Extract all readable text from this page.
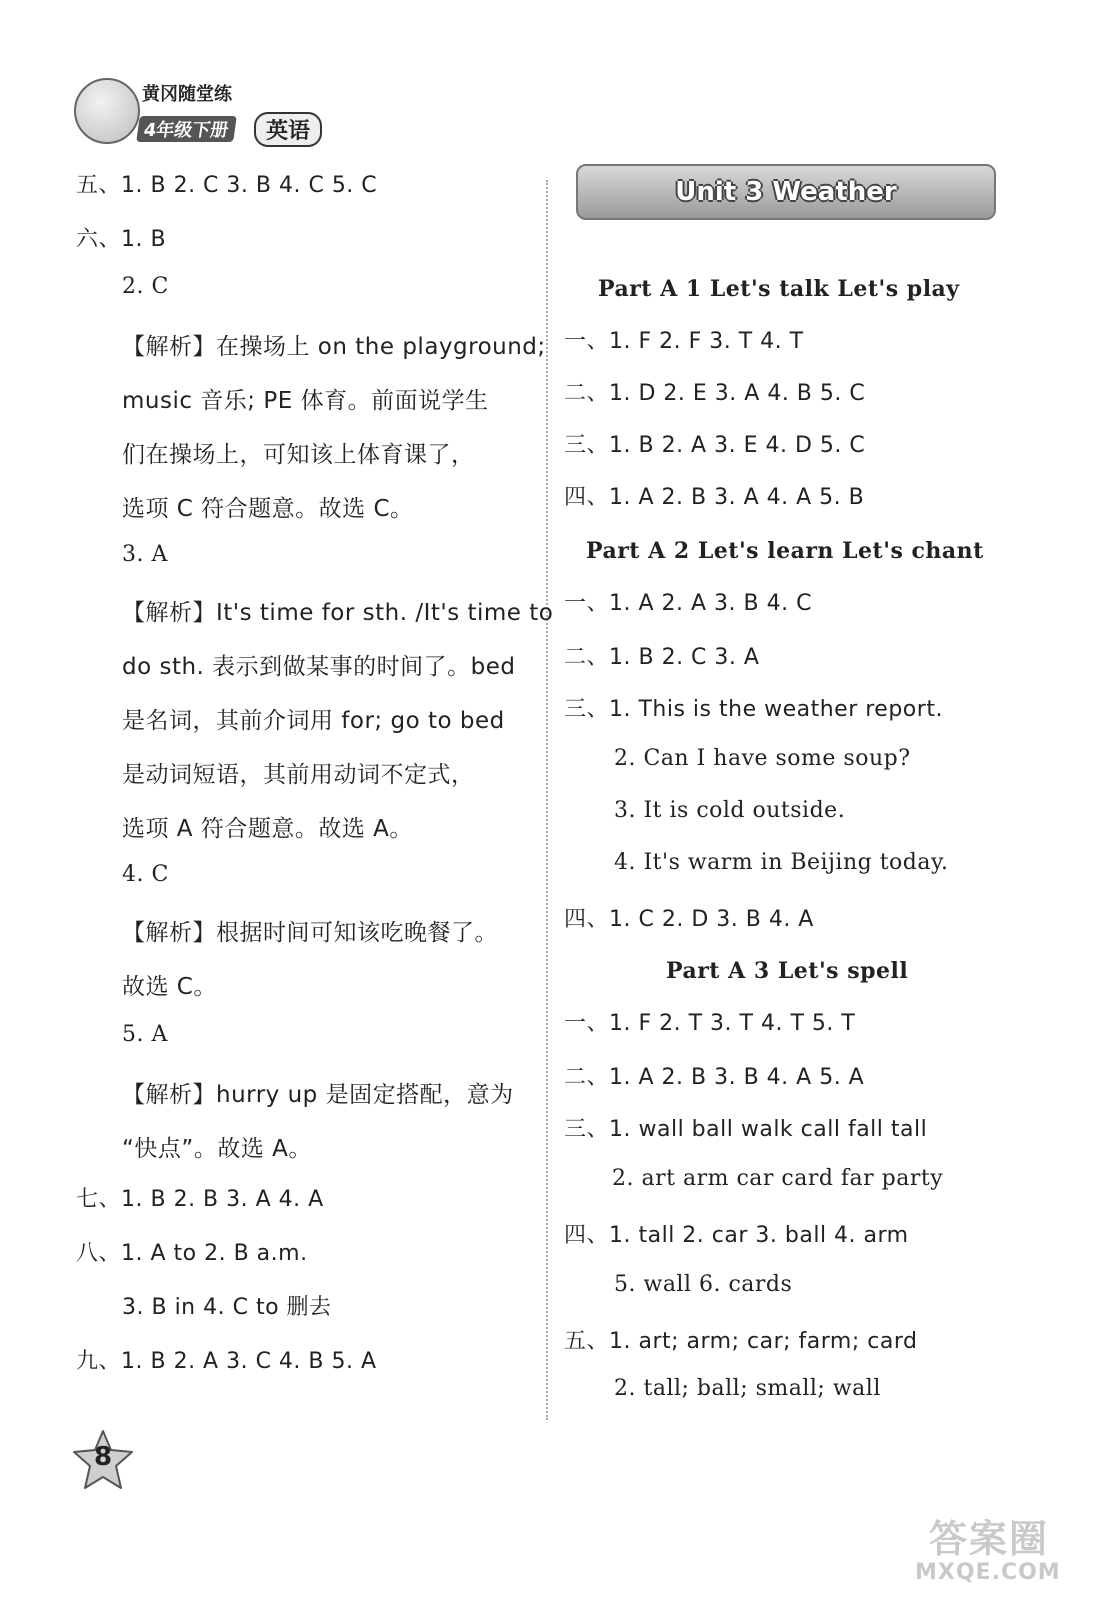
黄冈随堂练
4年级下册	英语
五、1. B 2. C 3. B 4. C 5. C
六、1. B
2. C
【解析】在操场上 on the playground;
music 音乐; PE 体育。前面说学生
们在操场上，可知该上体育课了，
选项 C 符合题意。故选 C。
3. A
【解析】It's time for sth. /It's time to
do sth. 表示到做某事的时间了。bed
是名词，其前介词用 for; go to bed
是动词短语，其前用动词不定式，
选项 A 符合题意。故选 A。
4. C
【解析】根据时间可知该吃晚餐了。
故选 C。
5. A
【解析】hurry up 是固定搭配，意为
“快点”。故选 A。
七、1. B 2. B 3. A 4. A
八、1. A to 2. B a.m.
3. B in 4. C to 删去
九、1. B 2. A 3. C 4. B 5. A
Unit 3 Weather
Part A 1 Let's talk Let's play
一、1. F 2. F 3. T 4. T
二、1. D 2. E 3. A 4. B 5. C
三、1. B 2. A 3. E 4. D 5. C
四、1. A 2. B 3. A 4. A 5. B
Part A 2 Let's learn Let's chant
一、1. A 2. A 3. B 4. C
二、1. B 2. C 3. A
三、1. This is the weather report.
2. Can I have some soup?
3. It is cold outside.
4. It's warm in Beijing today.
四、1. C 2. D 3. B 4. A
Part A 3 Let's spell
一、1. F 2. T 3. T 4. T 5. T
二、1. A 2. B 3. B 4. A 5. A
三、1. wall ball walk call fall tall
2. art arm car card far party
四、1. tall 2. car 3. ball 4. arm
5. wall 6. cards
五、1. art; arm; car; farm; card
2. tall; ball; small; wall
8
答案圈
MXQE.COM
